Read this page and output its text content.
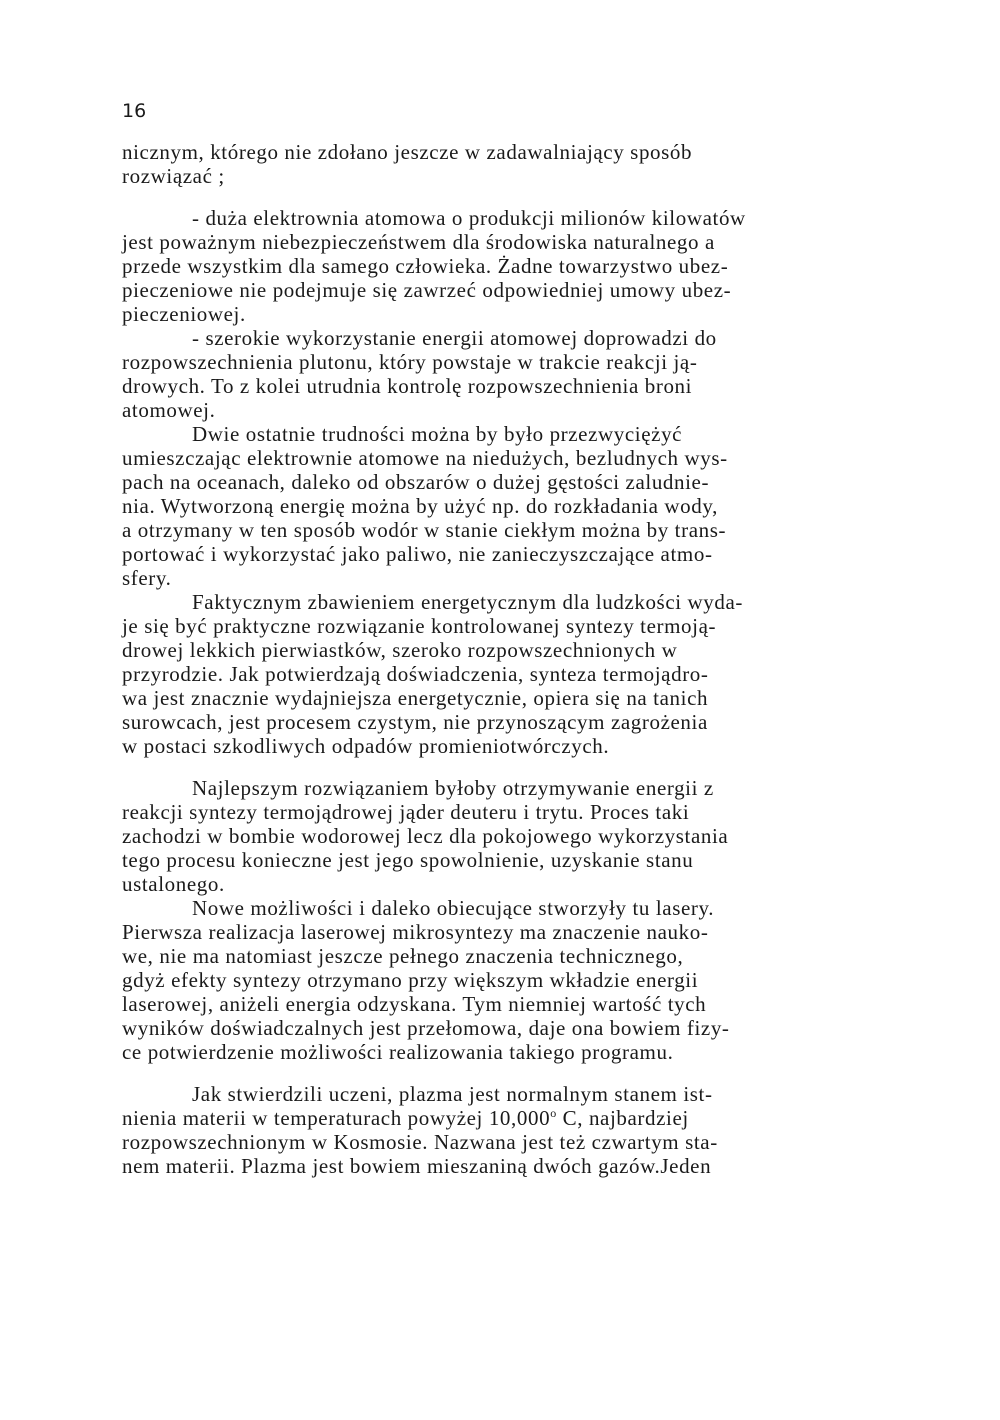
16
nicznym, którego nie zdołano jeszcze w zadawalniający sposób
rozwiązać ;
- duża elektrownia atomowa o produkcji milionów kilowatów
jest poważnym niebezpieczeństwem dla środowiska naturalnego a
przede wszystkim dla samego człowieka. Żadne towarzystwo ubez-
pieczeniowe nie podejmuje się zawrzeć odpowiedniej umowy ubez-
pieczeniowej.
- szerokie wykorzystanie energii atomowej doprowadzi do
rozpowszechnienia plutonu, który powstaje w trakcie reakcji ją-
drowych. To z kolei utrudnia kontrolę rozpowszechnienia broni
atomowej.
Dwie ostatnie trudności można by było przezwyciężyć
umieszczając elektrownie atomowe na niedużych, bezludnych wys-
pach na oceanach, daleko od obszarów o dużej gęstości zaludnie-
nia. Wytworzoną energię można by użyć np. do rozkładania wody,
a otrzymany w ten sposób wodór w stanie ciekłym można by trans-
portować i wykorzystać jako paliwo, nie zanieczyszczające atmo-
sfery.
Faktycznym zbawieniem energetycznym dla ludzkości wyda-
je się być praktyczne rozwiązanie kontrolowanej syntezy termoją-
drowej lekkich pierwiastków, szeroko rozpowszechnionych w
przyrodzie. Jak potwierdzają doświadczenia, synteza termojądro-
wa jest znacznie wydajniejsza energetycznie, opiera się na tanich
surowcach, jest procesem czystym, nie przynoszącym zagrożenia
w postaci szkodliwych odpadów promieniotwórczych.
Najlepszym rozwiązaniem byłoby otrzymywanie energii z
reakcji syntezy termojądrowej jąder deuteru i trytu. Proces taki
zachodzi w bombie wodorowej lecz dla pokojowego wykorzystania
tego procesu konieczne jest jego spowolnienie, uzyskanie stanu
ustalonego.
Nowe możliwości i daleko obiecujące stworzyły tu lasery.
Pierwsza realizacja laserowej mikrosyntezy ma znaczenie nauko-
we, nie ma natomiast jeszcze pełnego znaczenia technicznego,
gdyż efekty syntezy otrzymano przy większym wkładzie energii
laserowej, aniżeli energia odzyskana. Tym niemniej wartość tych
wyników doświadczalnych jest przełomowa, daje ona bowiem fizy-
ce potwierdzenie możliwości realizowania takiego programu.
Jak stwierdzili uczeni, plazma jest normalnym stanem ist-
nienia materii w temperaturach powyżej 10,000$^o$ C, najbardziej
rozpowszechnionym w Kosmosie. Nazwana jest też czwartym sta-
nem materii. Plazma jest bowiem mieszaniną dwóch gazów.Jeden
